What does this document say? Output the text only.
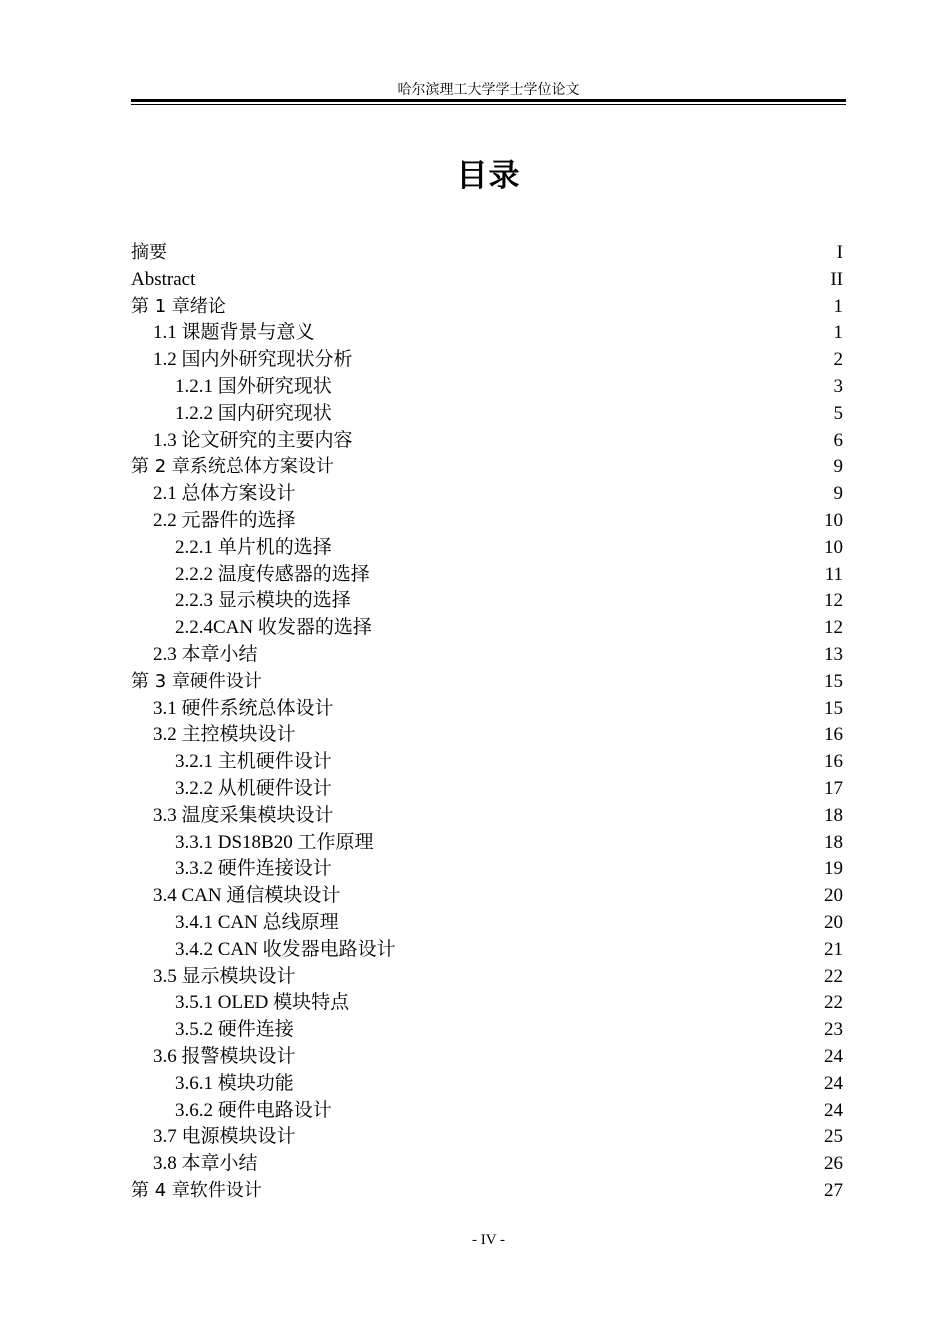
哈尔滨理工大学学士学位论文
目录
摘要	I
Abstract	II
第 1 章绪论	1
1.1 课题背景与意义	1
1.2 国内外研究现状分析	2
1.2.1 国外研究现状	3
1.2.2 国内研究现状	5
1.3 论文研究的主要内容	6
第 2 章系统总体方案设计	9
2.1 总体方案设计	9
2.2 元器件的选择	10
2.2.1 单片机的选择	10
2.2.2 温度传感器的选择	11
2.2.3 显示模块的选择	12
2.2.4CAN 收发器的选择	12
2.3 本章小结	13
第 3 章硬件设计	15
3.1 硬件系统总体设计	15
3.2 主控模块设计	16
3.2.1 主机硬件设计	16
3.2.2 从机硬件设计	17
3.3 温度采集模块设计	18
3.3.1 DS18B20 工作原理	18
3.3.2 硬件连接设计	19
3.4 CAN 通信模块设计	20
3.4.1 CAN 总线原理	20
3.4.2 CAN 收发器电路设计	21
3.5 显示模块设计	22
3.5.1 OLED 模块特点	22
3.5.2 硬件连接	23
3.6 报警模块设计	24
3.6.1 模块功能	24
3.6.2 硬件电路设计	24
3.7 电源模块设计	25
3.8 本章小结	26
第 4 章软件设计	27
- IV -
